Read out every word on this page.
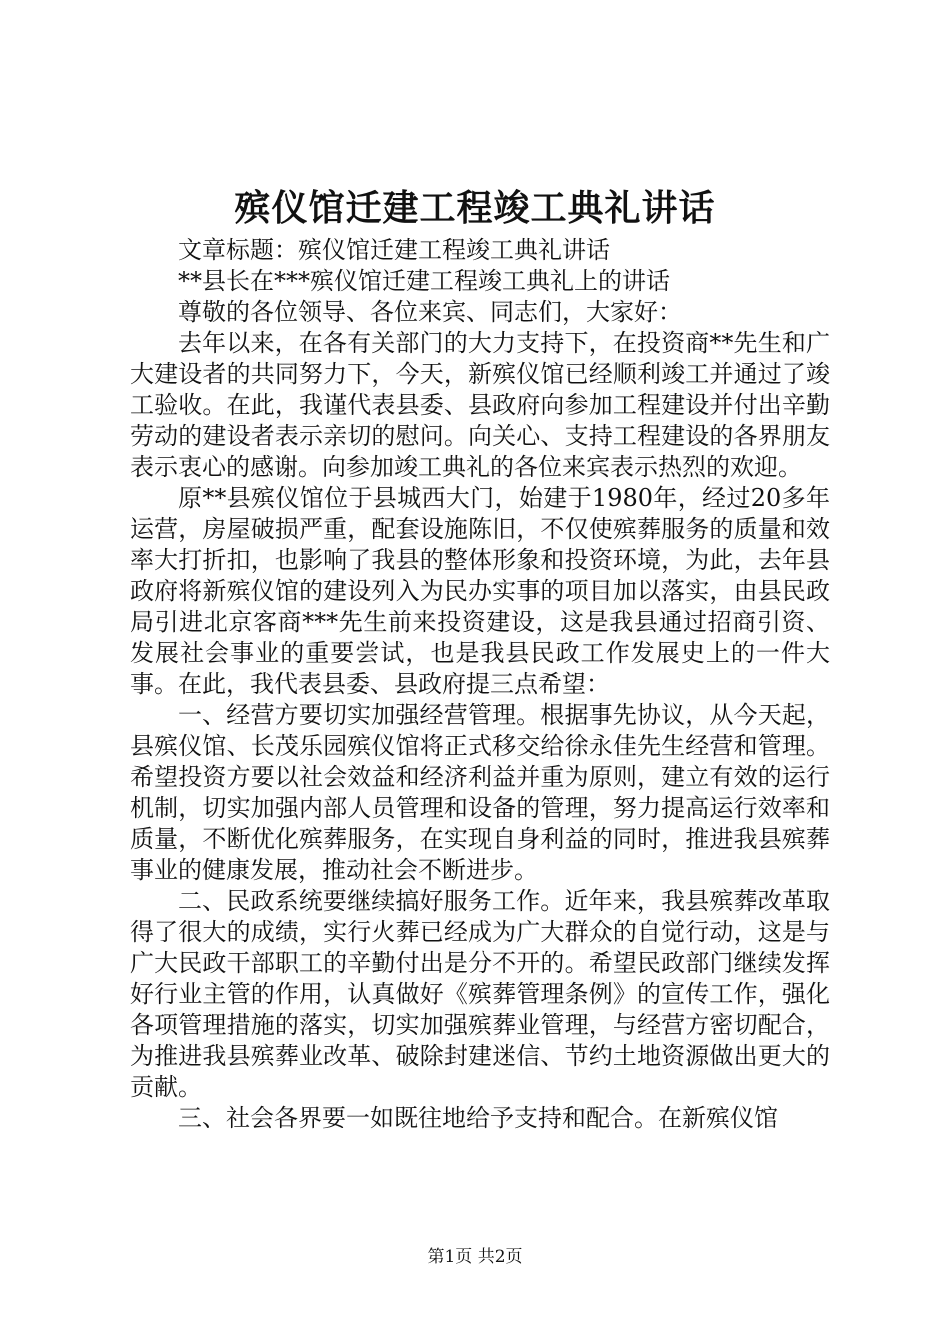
殡仪馆迁建工程竣工典礼讲话

文章标题：殡仪馆迁建工程竣工典礼讲话

**县长在***殡仪馆迁建工程竣工典礼上的讲话

尊敬的各位领导、各位来宾、同志们，大家好：

去年以来，在各有关部门的大力支持下，在投资商**先生和广大建设者的共同努力下，今天，新殡仪馆已经顺利竣工并通过了竣工验收。在此，我谨代表县委、县政府向参加工程建设并付出辛勤劳动的建设者表示亲切的慰问。向关心、支持工程建设的各界朋友表示衷心的感谢。向参加竣工典礼的各位来宾表示热烈的欢迎。

原**县殡仪馆位于县城西大门，始建于1980年，经过20多年运营，房屋破损严重，配套设施陈旧，不仅使殡葬服务的质量和效率大打折扣，也影响了我县的整体形象和投资环境，为此，去年县政府将新殡仪馆的建设列入为民办实事的项目加以落实，由县民政局引进北京客商***先生前来投资建设，这是我县通过招商引资、发展社会事业的重要尝试，也是我县民政工作发展史上的一件大事。在此，我代表县委、县政府提三点希望：

一、经营方要切实加强经营管理。根据事先协议，从今天起，县殡仪馆、长茂乐园殡仪馆将正式移交给徐永佳先生经营和管理。希望投资方要以社会效益和经济利益并重为原则，建立有效的运行机制，切实加强内部人员管理和设备的管理，努力提高运行效率和质量，不断优化殡葬服务，在实现自身利益的同时，推进我县殡葬事业的健康发展，推动社会不断进步。

二、民政系统要继续搞好服务工作。近年来，我县殡葬改革取得了很大的成绩，实行火葬已经成为广大群众的自觉行动，这是与广大民政干部职工的辛勤付出是分不开的。希望民政部门继续发挥好行业主管的作用，认真做好《殡葬管理条例》的宣传工作，强化各项管理措施的落实，切实加强殡葬业管理，与经营方密切配合，为推进我县殡葬业改革、破除封建迷信、节约土地资源做出更大的贡献。

三、社会各界要一如既往地给予支持和配合。在新殡仪馆

第1页 共2页
